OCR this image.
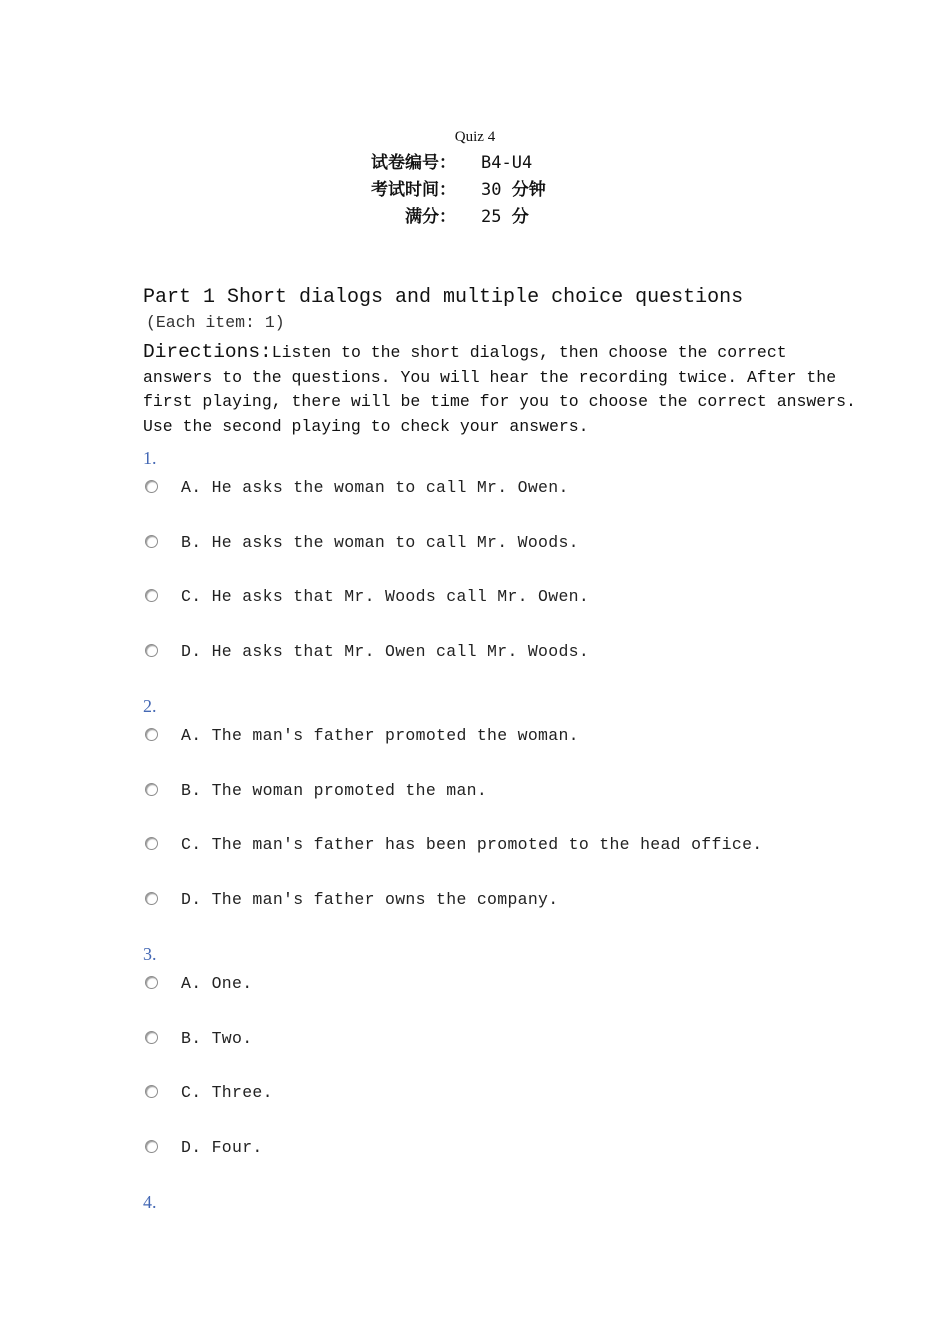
Quiz 4
试卷编号： B4-U4
考试时间： 30 分钟
满分： 25 分
Part 1 Short dialogs and multiple choice questions
(Each item: 1)
Directions:Listen to the short dialogs, then choose the correct
answers to the questions. You will hear the recording twice. After the
first playing, there will be time for you to choose the correct answers.
Use the second playing to check your answers.
1.
A. He asks the woman to call Mr. Owen.
B. He asks the woman to call Mr. Woods.
C. He asks that Mr. Woods call Mr. Owen.
D. He asks that Mr. Owen call Mr. Woods.
2.
A. The man's father promoted the woman.
B. The woman promoted the man.
C. The man's father has been promoted to the head office.
D. The man's father owns the company.
3.
A. One.
B. Two.
C. Three.
D. Four.
4.
